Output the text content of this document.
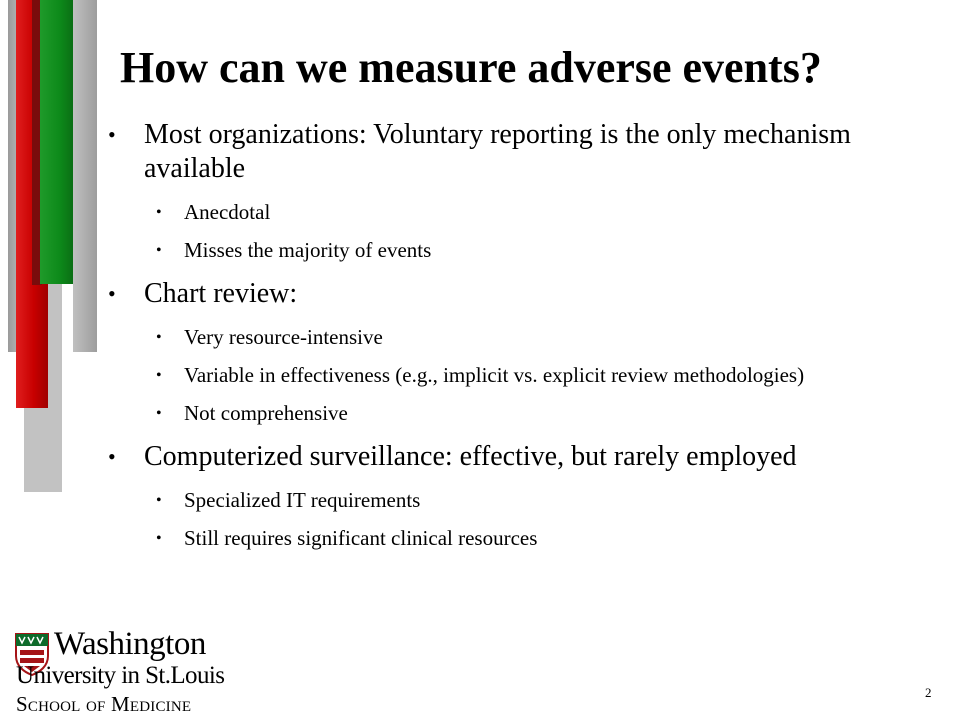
How can we measure adverse events?
• Most organizations: Voluntary reporting is the only mechanism available
• Anecdotal
• Misses the majority of events
• Chart review:
• Very resource-intensive
• Variable in effectiveness (e.g., implicit vs. explicit review methodologies)
• Not comprehensive
• Computerized surveillance: effective, but rarely employed
• Specialized IT requirements
• Still requires significant clinical resources
Washington
University in St.Louis
School of Medicine	2
